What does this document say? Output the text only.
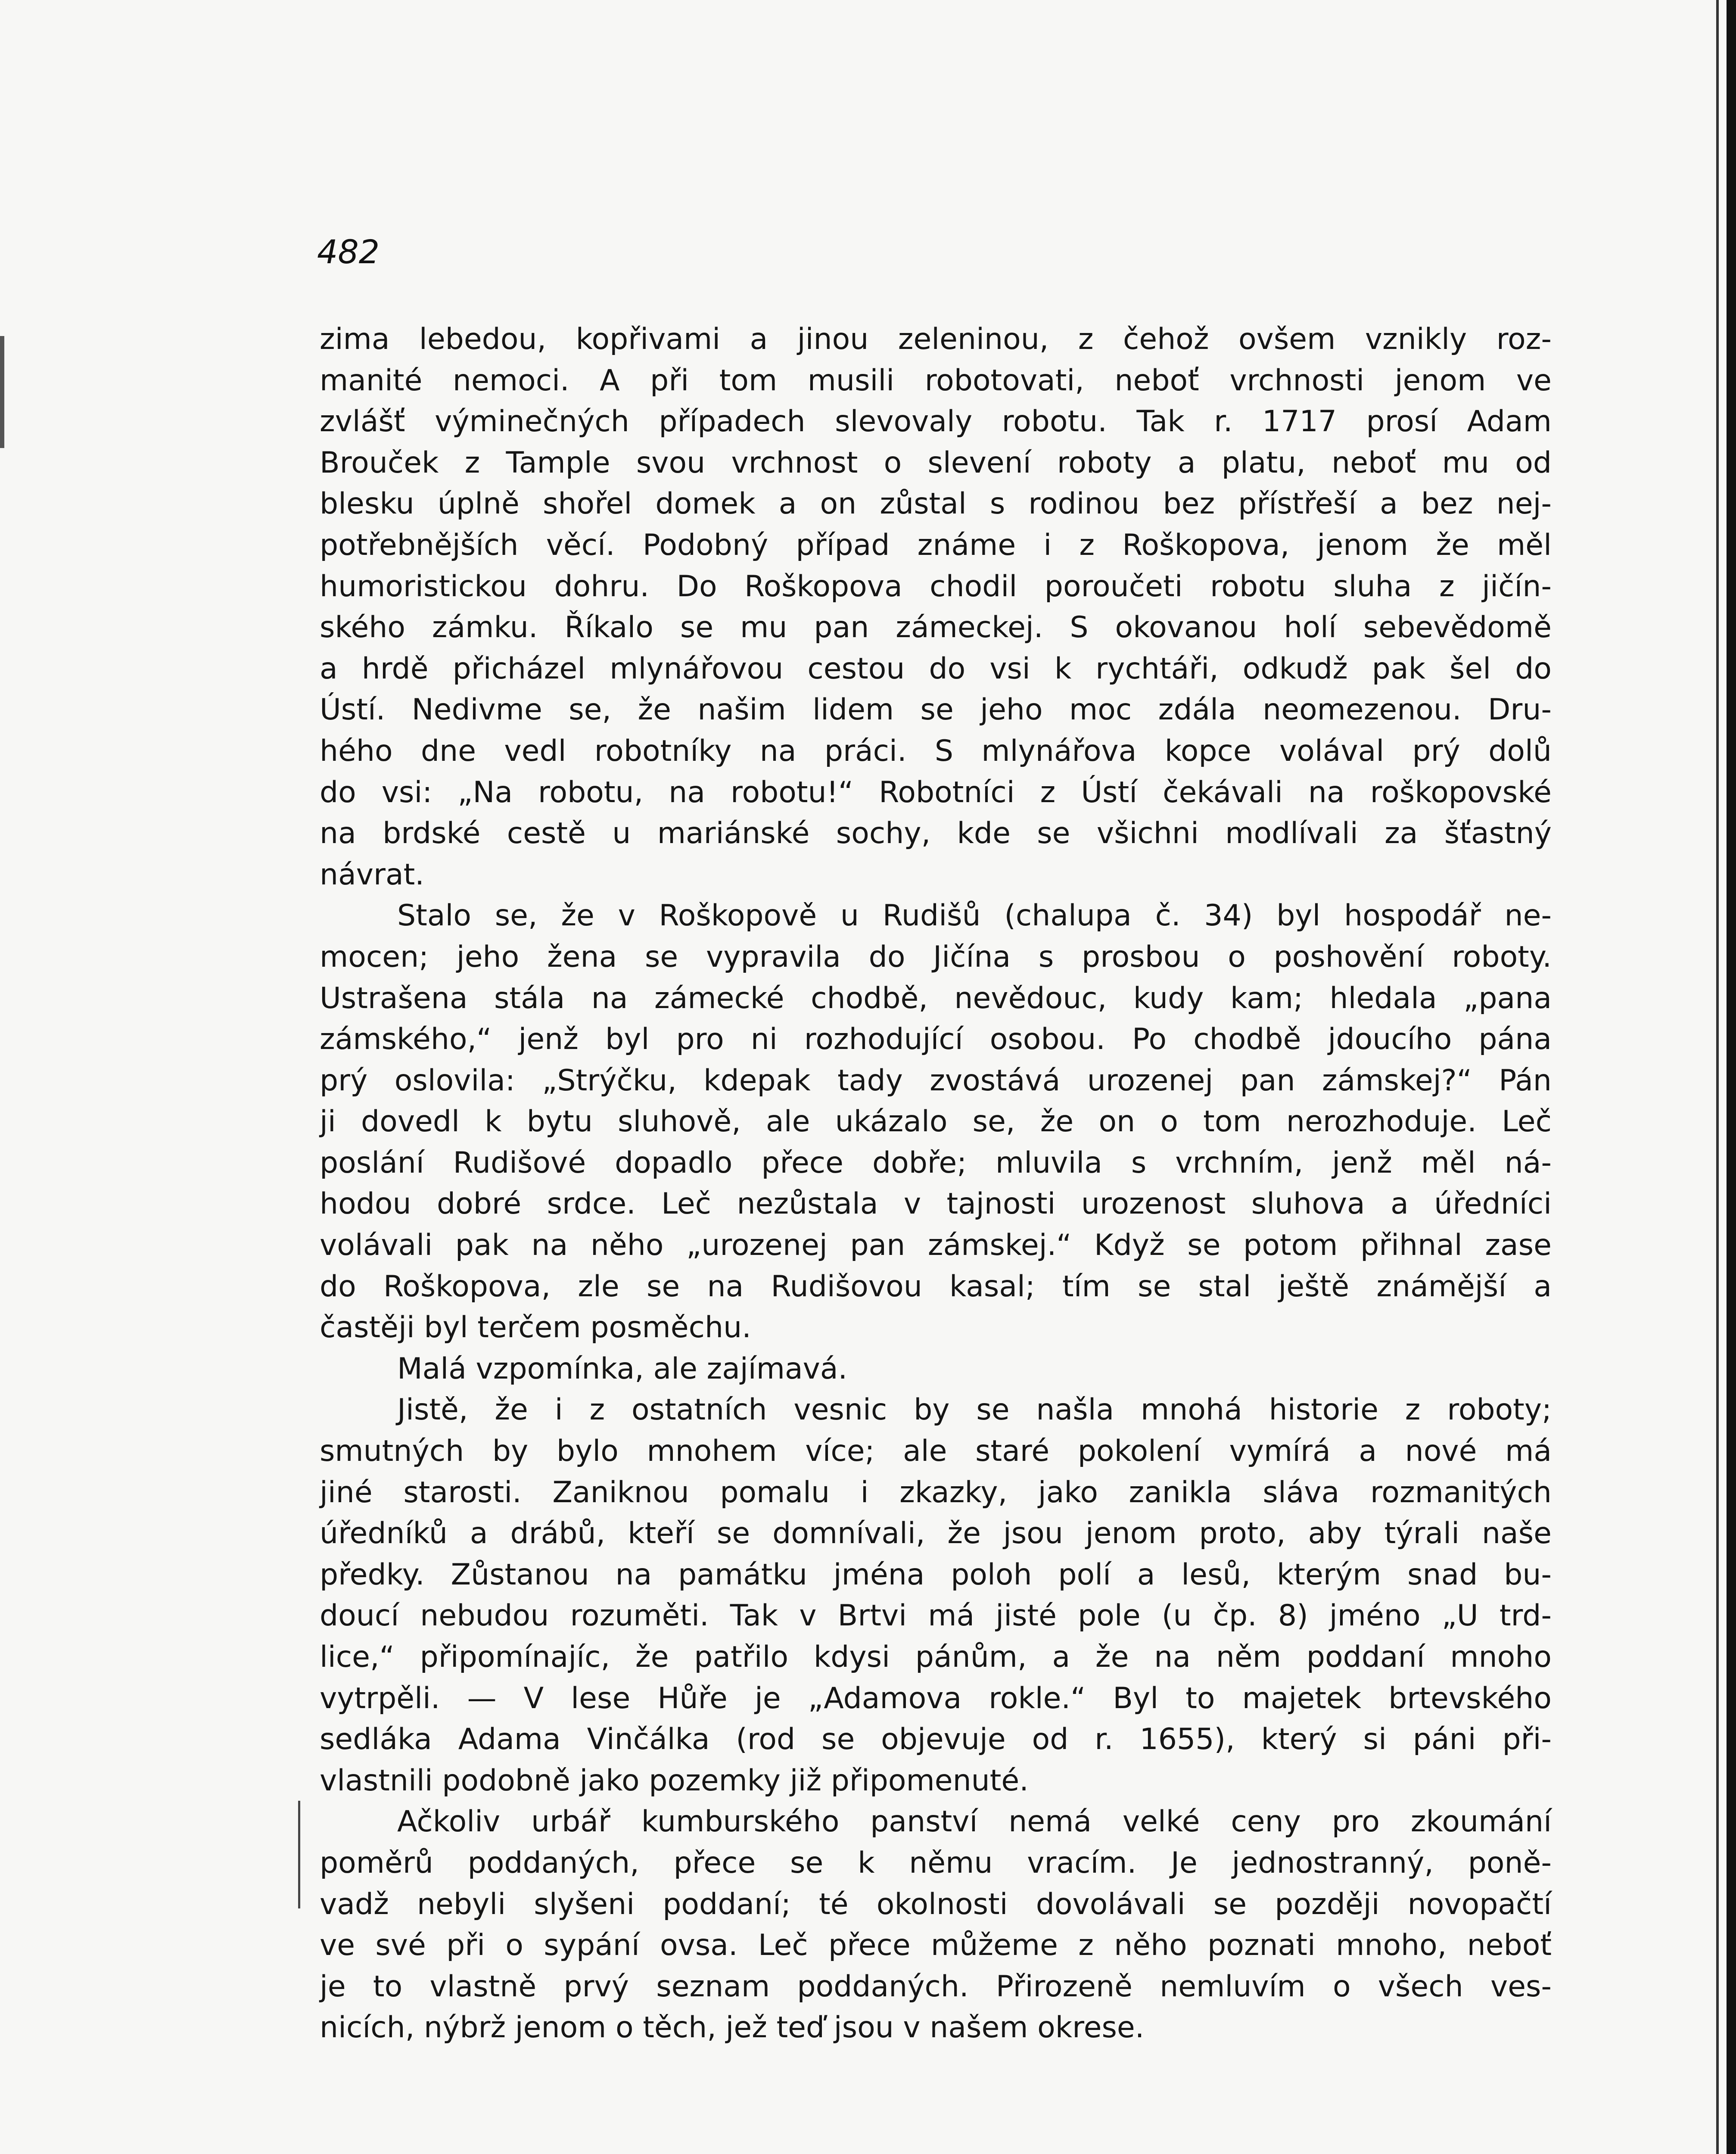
482
zima lebedou, kopřivami a jinou zeleninou, z čehož ovšem vznikly roz-
manité nemoci. A při tom musili robotovati, neboť vrchnosti jenom ve
zvlášť výminečných případech slevovaly robotu. Tak r. 1717 prosí Adam
Brouček z Tample svou vrchnost o slevení roboty a platu, neboť mu od
blesku úplně shořel domek a on zůstal s rodinou bez přístřeší a bez nej-
potřebnějších věcí. Podobný případ známe i z Roškopova, jenom že měl
humoristickou dohru. Do Roškopova chodil poroučeti robotu sluha z jičín-
ského zámku. Říkalo se mu pan zámeckej. S okovanou holí sebevědomě
a hrdě přicházel mlynářovou cestou do vsi k rychtáři, odkudž pak šel do
Ústí. Nedivme se, že našim lidem se jeho moc zdála neomezenou. Dru-
hého dne vedl robotníky na práci. S mlynářova kopce volával prý dolů
do vsi: „Na robotu, na robotu!“ Robotníci z Ústí čekávali na roškopovské
na brdské cestě u mariánské sochy, kde se všichni modlívali za šťastný
návrat.
Stalo se, že v Roškopově u Rudišů (chalupa č. 34) byl hospodář ne-
mocen; jeho žena se vypravila do Jičína s prosbou o poshovění roboty.
Ustrašena stála na zámecké chodbě, nevědouc, kudy kam; hledala „pana
zámského,“ jenž byl pro ni rozhodující osobou. Po chodbě jdoucího pána
prý oslovila: „Strýčku, kdepak tady zvostává urozenej pan zámskej?“ Pán
ji dovedl k bytu sluhově, ale ukázalo se, že on o tom nerozhoduje. Leč
poslání Rudišové dopadlo přece dobře; mluvila s vrchním, jenž měl ná-
hodou dobré srdce. Leč nezůstala v tajnosti urozenost sluhova a úředníci
volávali pak na něho „urozenej pan zámskej.“ Když se potom přihnal zase
do Roškopova, zle se na Rudišovou kasal; tím se stal ještě známější a
častěji byl terčem posměchu.
Malá vzpomínka, ale zajímavá.
Jistě, že i z ostatních vesnic by se našla mnohá historie z roboty;
smutných by bylo mnohem více; ale staré pokolení vymírá a nové má
jiné starosti. Zaniknou pomalu i zkazky, jako zanikla sláva rozmanitých
úředníků a drábů, kteří se domnívali, že jsou jenom proto, aby týrali naše
předky. Zůstanou na památku jména poloh polí a lesů, kterým snad bu-
doucí nebudou rozuměti. Tak v Brtvi má jisté pole (u čp. 8) jméno „U trd-
lice,“ připomínajíc, že patřilo kdysi pánům, a že na něm poddaní mnoho
vytrpěli. — V lese Hůře je „Adamova rokle.“ Byl to majetek brtevského
sedláka Adama Vinčálka (rod se objevuje od r. 1655), který si páni při-
vlastnili podobně jako pozemky již připomenuté.
Ačkoliv urbář kumburského panství nemá velké ceny pro zkoumání
poměrů poddaných, přece se k němu vracím. Je jednostranný, poně-
vadž nebyli slyšeni poddaní; té okolnosti dovolávali se později novopačtí
ve své při o sypání ovsa. Leč přece můžeme z něho poznati mnoho, neboť
je to vlastně prvý seznam poddaných. Přirozeně nemluvím o všech ves-
nicích, nýbrž jenom o těch, jež teď jsou v našem okrese.
